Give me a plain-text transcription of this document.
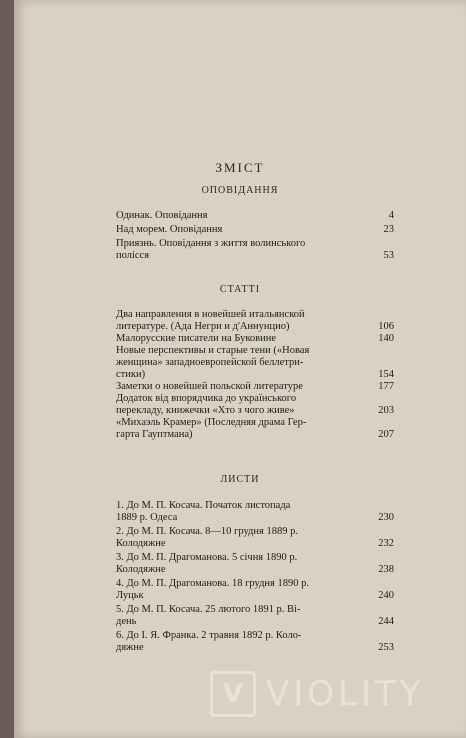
ЗМІСТ
ОПОВІДАННЯ
Одинак. Оповідання	4
Над морем. Оповідання	23
Приязнь. Оповідання з життя волинського
полісся	53
СТАТТІ
Два направления в новейшей итальянской
литературе. (Ада Негри и д'Аннунцио)	106
Малорусские писатели на Буковине	140
Новые перспективы и старые тени («Новая
женщина» западноевропейской беллетри-
стики)	154
Заметки о новейшей польской литературе	177
Додаток від впорядчика до українського
перекладу, книжечки «Хто з чого живе»	203
«Михаэль Крамер» (Последняя драма Гер-
гарта Гауптмана)	207
ЛИСТИ
1. До М. П. Косача. Початок листопада
1889 р. Одеса	230
2. До М. П. Косача. 8—10 грудня 1889 р.
Колодяжне	232
3. До М. П. Драгоманова. 5 січня 1890 р.
Колодяжне	238
4. До М. П. Драгоманова. 18 грудня 1890 р.
Луцьк	240
5. До М. П. Косача. 25 лютого 1891 р. Ві-
день	244
6. До І. Я. Франка. 2 травня 1892 р. Коло-
дяжне	253
V VIOLITY
